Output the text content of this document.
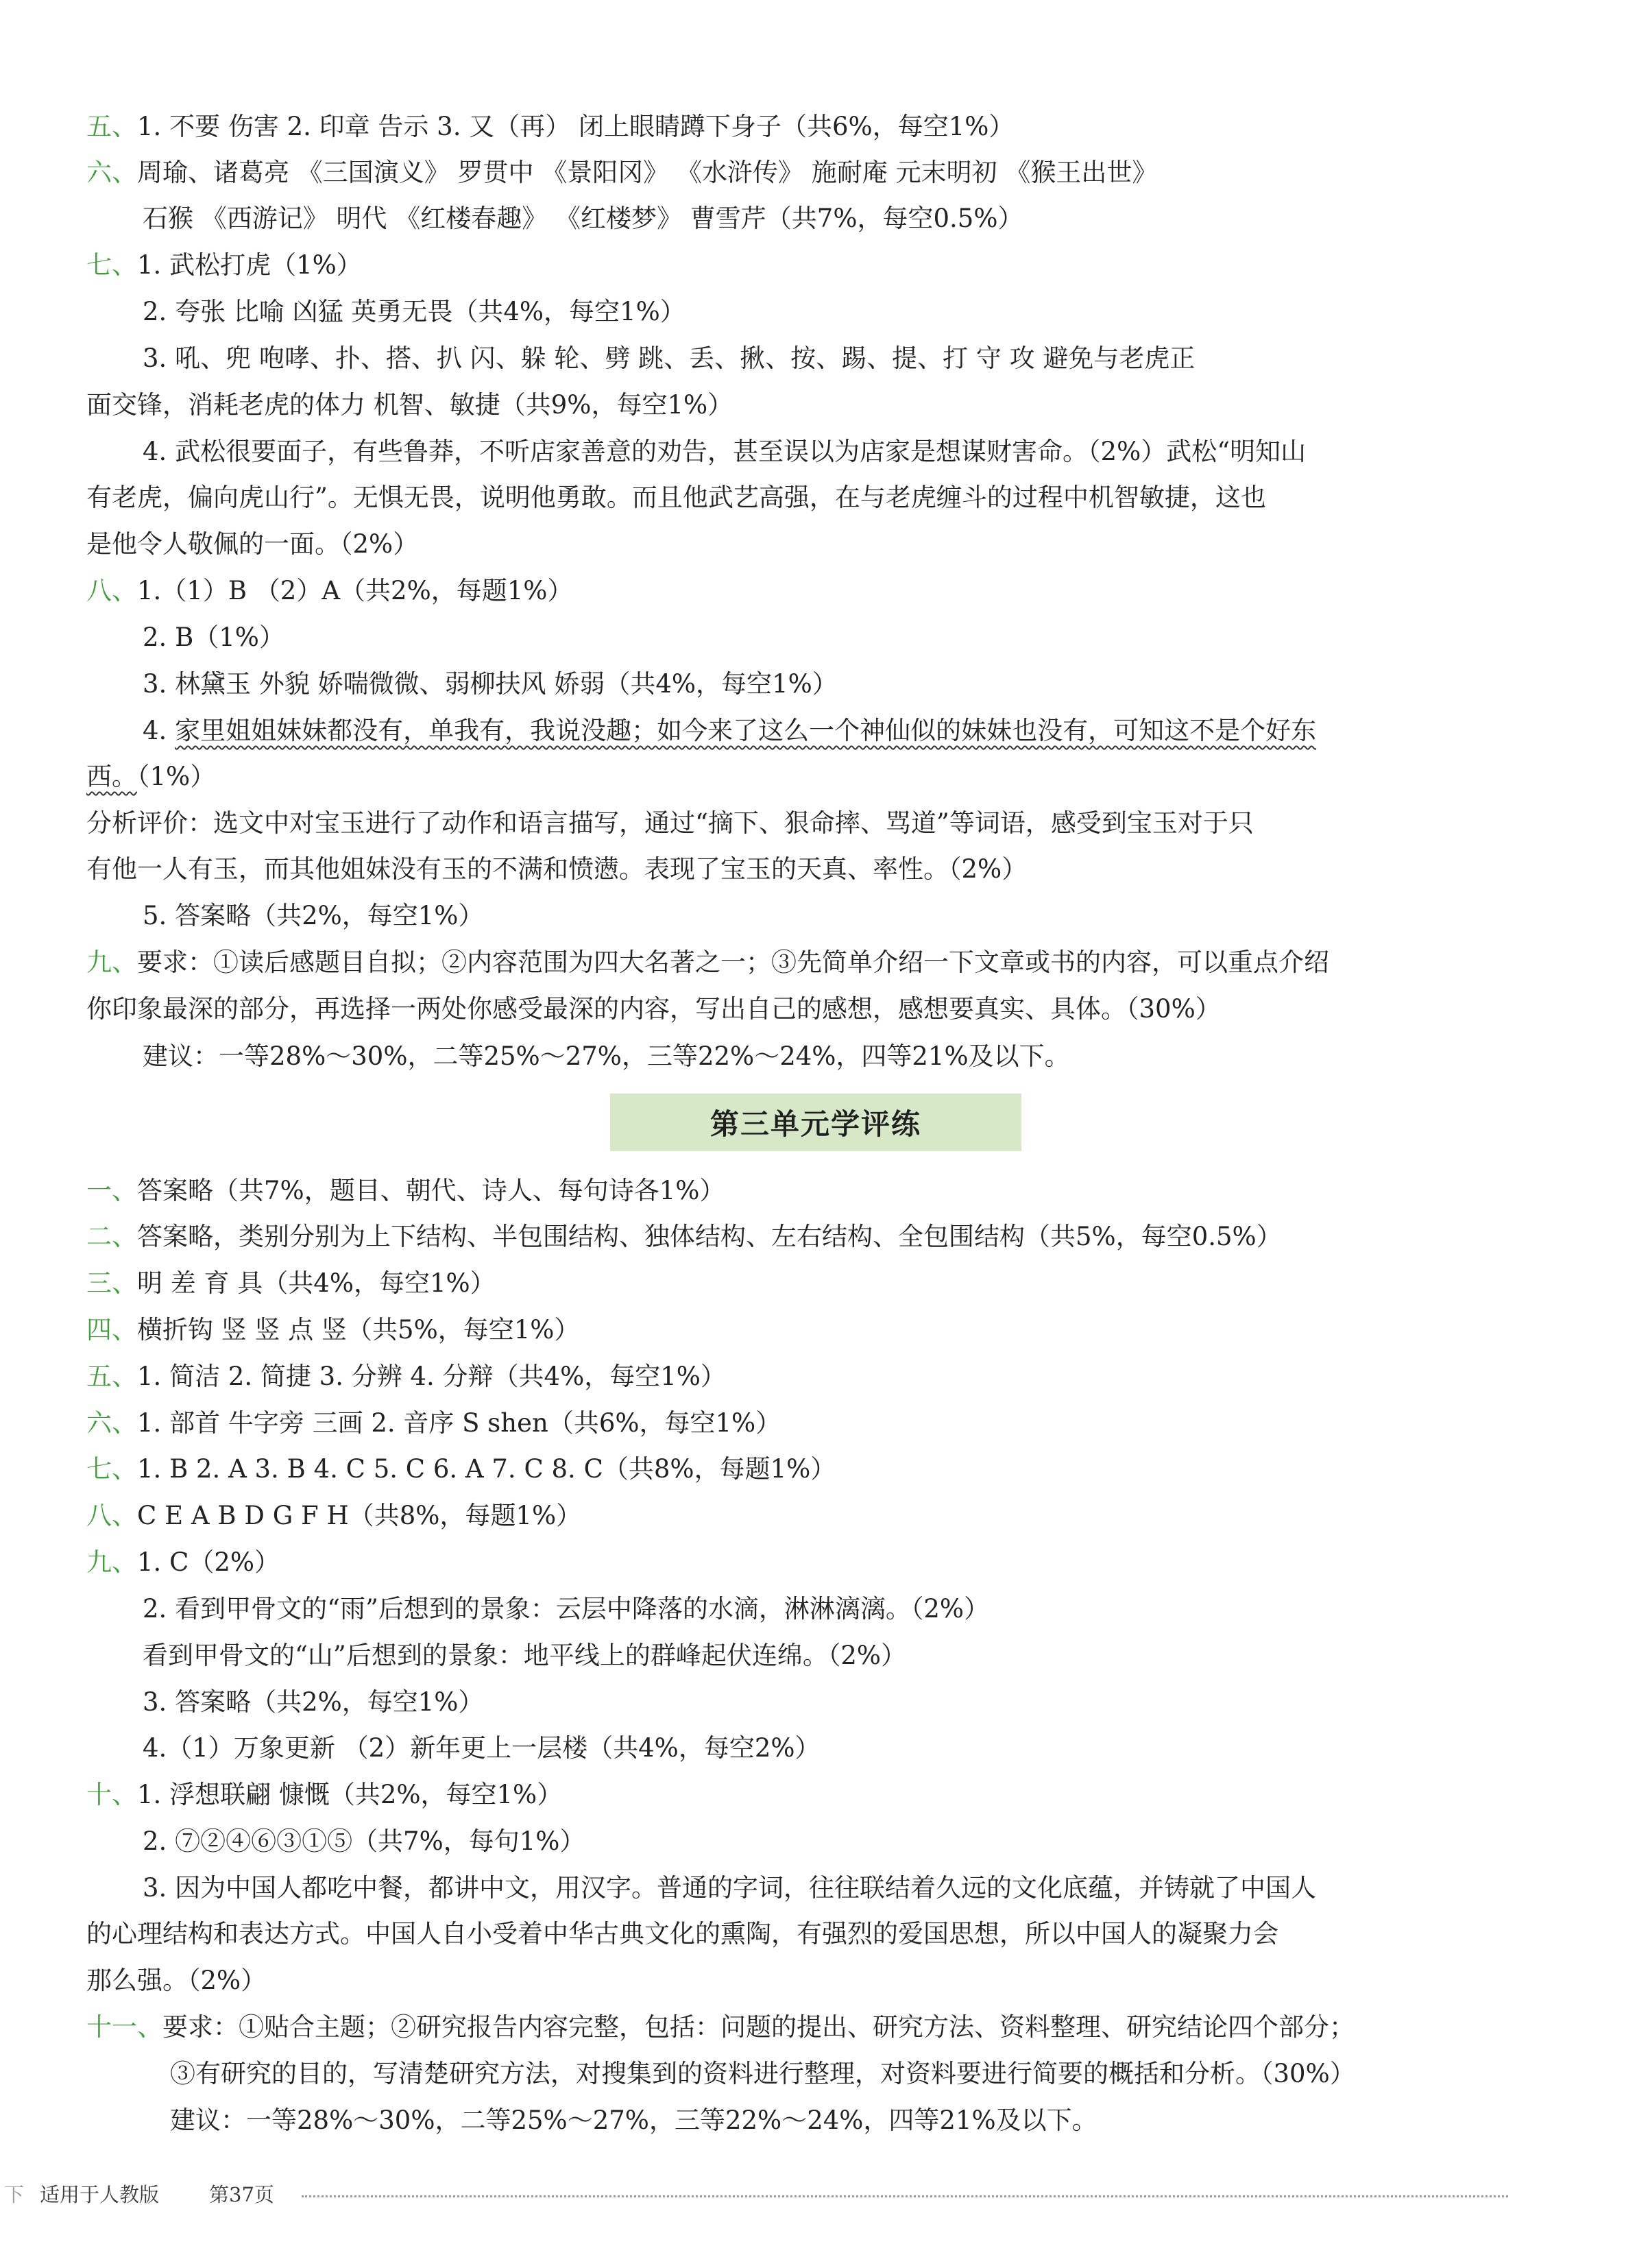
五、1. 不要 伤害 2. 印章 告示 3. 又（再） 闭上眼睛蹲下身子（共6%，每空1%）
六、周瑜、诸葛亮 《三国演义》 罗贯中 《景阳冈》 《水浒传》 施耐庵 元末明初 《猴王出世》
石猴 《西游记》 明代 《红楼春趣》 《红楼梦》 曹雪芹（共7%，每空0.5%）
七、1. 武松打虎（1%）
2. 夸张 比喻 凶猛 英勇无畏（共4%，每空1%）
3. 吼、兜 咆哮、扑、搭、扒 闪、躲 轮、劈 跳、丢、揪、按、踢、提、打 守 攻 避免与老虎正
面交锋，消耗老虎的体力 机智、敏捷（共9%，每空1%）
4. 武松很要面子，有些鲁莽，不听店家善意的劝告，甚至误以为店家是想谋财害命。（2%）武松“明知山
有老虎，偏向虎山行”。无惧无畏，说明他勇敢。而且他武艺高强，在与老虎缠斗的过程中机智敏捷，这也
是他令人敬佩的一面。（2%）
八、1.（1）B （2）A（共2%，每题1%）
2. B（1%）
3. 林黛玉 外貌 娇喘微微、弱柳扶风 娇弱（共4%，每空1%）
4. 家里姐姐妹妹都没有，单我有，我说没趣；如今来了这么一个神仙似的妹妹也没有，可知这不是个好东
西。（1%）
分析评价：选文中对宝玉进行了动作和语言描写，通过“摘下、狠命摔、骂道”等词语，感受到宝玉对于只
有他一人有玉，而其他姐妹没有玉的不满和愤懑。表现了宝玉的天真、率性。（2%）
5. 答案略（共2%，每空1%）
九、要求：①读后感题目自拟；②内容范围为四大名著之一；③先简单介绍一下文章或书的内容，可以重点介绍
你印象最深的部分，再选择一两处你感受最深的内容，写出自己的感想，感想要真实、具体。（30%）
建议：一等28%～30%，二等25%～27%，三等22%～24%，四等21%及以下。
第三单元学评练
一、答案略（共7%，题目、朝代、诗人、每句诗各1%）
二、答案略，类别分别为上下结构、半包围结构、独体结构、左右结构、全包围结构（共5%，每空0.5%）
三、明 差 育 具（共4%，每空1%）
四、横折钩 竖 竖 点 竖（共5%，每空1%）
五、1. 简洁 2. 简捷 3. 分辨 4. 分辩（共4%，每空1%）
六、1. 部首 牛字旁 三画 2. 音序 S shen（共6%，每空1%）
七、1. B 2. A 3. B 4. C 5. C 6. A 7. C 8. C（共8%，每题1%）
八、C E A B D G F H（共8%，每题1%）
九、1. C（2%）
2. 看到甲骨文的“雨”后想到的景象：云层中降落的水滴，淋淋漓漓。（2%）
看到甲骨文的“山”后想到的景象：地平线上的群峰起伏连绵。（2%）
3. 答案略（共2%，每空1%）
4.（1）万象更新 （2）新年更上一层楼（共4%，每空2%）
十、1. 浮想联翩 慷慨（共2%，每空1%）
2. ⑦②④⑥③①⑤（共7%，每句1%）
3. 因为中国人都吃中餐，都讲中文，用汉字。普通的字词，往往联结着久远的文化底蕴，并铸就了中国人
的心理结构和表达方式。中国人自小受着中华古典文化的熏陶，有强烈的爱国思想，所以中国人的凝聚力会
那么强。（2%）
十一、要求：①贴合主题；②研究报告内容完整，包括：问题的提出、研究方法、资料整理、研究结论四个部分；
③有研究的目的，写清楚研究方法，对搜集到的资料进行整理，对资料要进行简要的概括和分析。（30%）
建议：一等28%～30%，二等25%～27%，三等22%～24%，四等21%及以下。
下 适用于人教版	第37页
